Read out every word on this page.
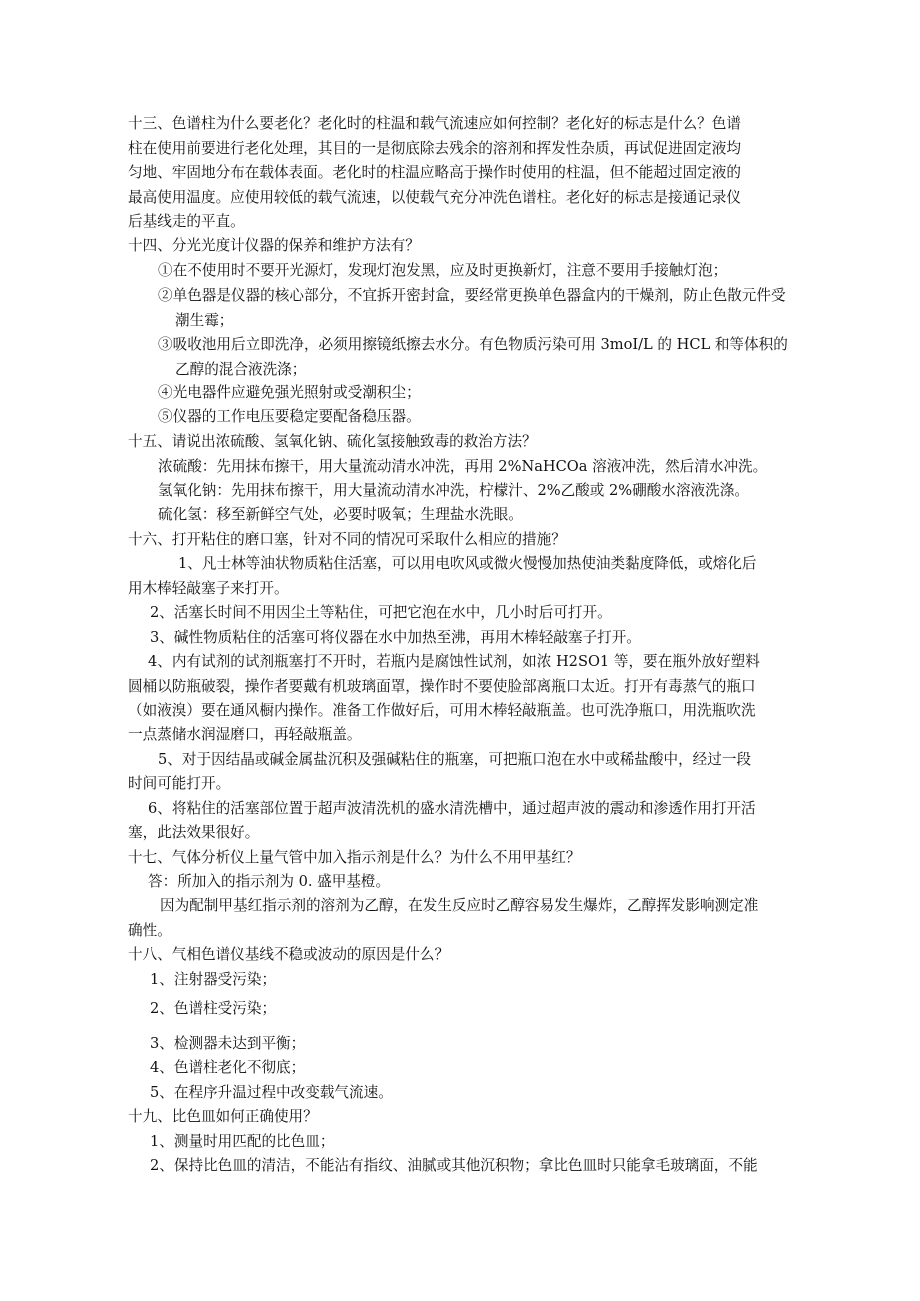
十三、色谱柱为什么要老化？老化时的柱温和载气流速应如何控制？老化好的标志是什么？色谱
柱在使用前要进行老化处理，其目的一是彻底除去残余的溶剂和挥发性杂质，再试促进固定液均
匀地、牢固地分布在载体表面。老化时的柱温应略高于操作时使用的柱温，但不能超过固定液的
最高使用温度。应使用较低的载气流速，以使载气充分冲洗色谱柱。老化好的标志是接通记录仪
后基线走的平直。
十四、分光光度计仪器的保养和维护方法有？
①在不使用时不要开光源灯，发现灯泡发黑，应及时更换新灯，注意不要用手接触灯泡；
②单色器是仪器的核心部分，不宜拆开密封盒，要经常更换单色器盒内的干燥剂，防止色散元件受潮生霉；
③吸收池用后立即洗净，必须用擦镜纸擦去水分。有色物质污染可用 3moI/L 的 HCL 和等体积的乙醇的混合液洗涤；
④光电器件应避免强光照射或受潮积尘；
⑤仪器的工作电压要稳定要配备稳压器。
十五、请说出浓硫酸、氢氧化钠、硫化氢接触致毒的救治方法？
浓硫酸：先用抹布擦干，用大量流动清水冲洗，再用 2%NaHCOa 溶液冲洗，然后清水冲洗。
氢氧化钠：先用抹布擦干，用大量流动清水冲洗，柠檬汁、2%乙酸或 2%硼酸水溶液洗涤。
硫化氢：移至新鲜空气处，必要时吸氧；生理盐水洗眼。
十六、打开粘住的磨口塞，针对不同的情况可采取什么相应的措施？
1、凡士林等油状物质粘住活塞，可以用电吹风或微火慢慢加热使油类黏度降低，或熔化后
用木棒轻敲塞子来打开。
2、活塞长时间不用因尘土等粘住，可把它泡在水中，几小时后可打开。
3、碱性物质粘住的活塞可将仪器在水中加热至沸，再用木棒轻敲塞子打开。
4、内有试剂的试剂瓶塞打不开时，若瓶内是腐蚀性试剂，如浓 H2SO1 等，要在瓶外放好塑料
圆桶以防瓶破裂，操作者要戴有机玻璃面罩，操作时不要使脸部离瓶口太近。打开有毒蒸气的瓶口
（如液溴）要在通风橱内操作。准备工作做好后，可用木棒轻敲瓶盖。也可洗净瓶口，用洗瓶吹洗
一点蒸储水润湿磨口，再轻敲瓶盖。
5、对于因结晶或碱金属盐沉积及强碱粘住的瓶塞，可把瓶口泡在水中或稀盐酸中，经过一段
时间可能打开。
6、将粘住的活塞部位置于超声波清洗机的盛水清洗槽中，通过超声波的震动和渗透作用打开活
塞，此法效果很好。
十七、气体分析仪上量气管中加入指示剂是什么？为什么不用甲基红？
答：所加入的指示剂为 0. 盛甲基橙。
因为配制甲基红指示剂的溶剂为乙醇，在发生反应时乙醇容易发生爆炸，乙醇挥发影响测定准
确性。
十八、气相色谱仪基线不稳或波动的原因是什么？
1、注射器受污染；
2、色谱柱受污染；
3、检测器未达到平衡；
4、色谱柱老化不彻底；
5、在程序升温过程中改变载气流速。
十九、比色皿如何正确使用？
1、测量时用匹配的比色皿；
2、保持比色皿的清洁，不能沾有指纹、油腻或其他沉积物；拿比色皿时只能拿毛玻璃面，不能
